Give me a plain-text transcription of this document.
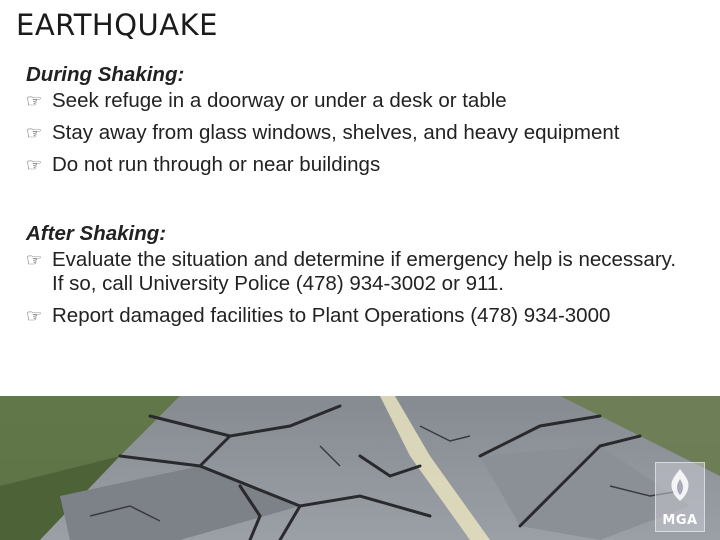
EARTHQUAKE

During Shaking:

☞ Seek refuge in a doorway or under a desk or table
☞ Stay away from glass windows, shelves, and heavy equipment
☞ Do not run through or near buildings

After Shaking:

☞ Evaluate the situation and determine if emergency help is necessary. If so, call University Police (478) 934-3002 or 911.
☞ Report damaged facilities to Plant Operations (478) 934-3000
MGA
